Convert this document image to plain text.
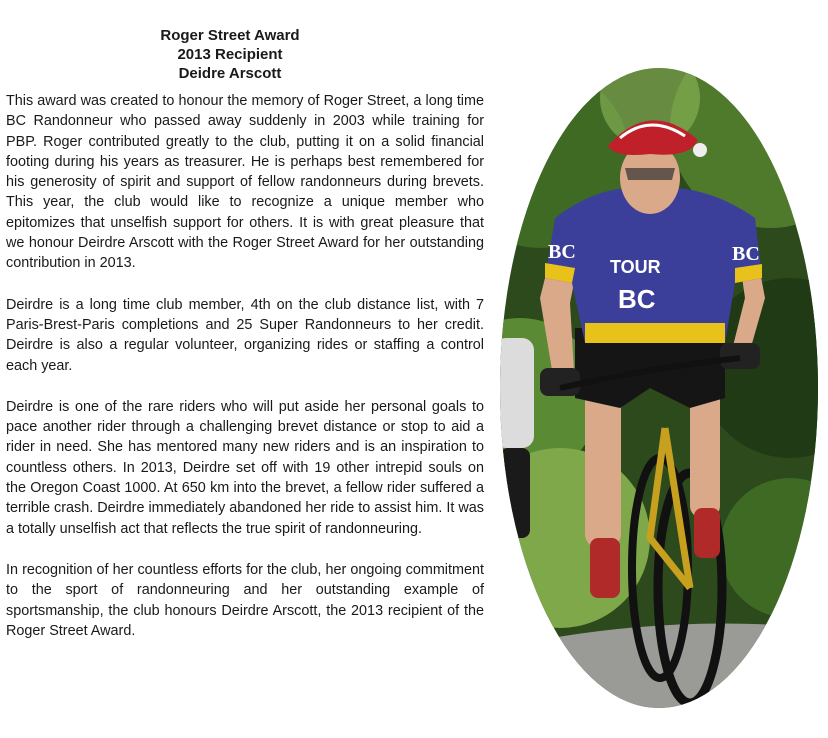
Roger Street Award
2013 Recipient
Deidre Arscott

This award was created to honour the memory of Roger Street, a long time BC Randonneur who passed away suddenly in 2003 while training for PBP. Roger contributed greatly to the club, putting it on a solid financial footing during his years as treasurer. He is perhaps best remembered for his generosity of spirit and support of fellow randonneurs during brevets. This year, the club would like to recognize a unique member who epitomizes that unselfish support for others. It is with great pleasure that we honour Deirdre Arscott with the Roger Street Award for her outstanding contribution in 2013.

Deirdre is a long time club member, 4th on the club distance list, with 7 Paris-Brest-Paris completions and 25 Super Randonneurs to her credit. Deirdre is also a regular volunteer, organizing rides or staffing a control each year.

Deirdre is one of the rare riders who will put aside her personal goals to pace another rider through a challenging brevet distance or stop to aid a rider in need. She has mentored many new riders and is an inspiration to countless others. In 2013, Deirdre set off with 19 other intrepid souls on the Oregon Coast 1000. At 650 km into the brevet, a fellow rider suffered a terrible crash. Deirdre immediately abandoned her ride to assist him. It was a totally unselfish act that reflects the true spirit of randonneuring.

In recognition of her countless efforts for the club, her ongoing commitment to the sport of randonneuring and her outstanding example of sportsmanship, the club honours Deirdre Arscott, the 2013 recipient of the Roger Street Award.

TOUR
BC
BC	BC
